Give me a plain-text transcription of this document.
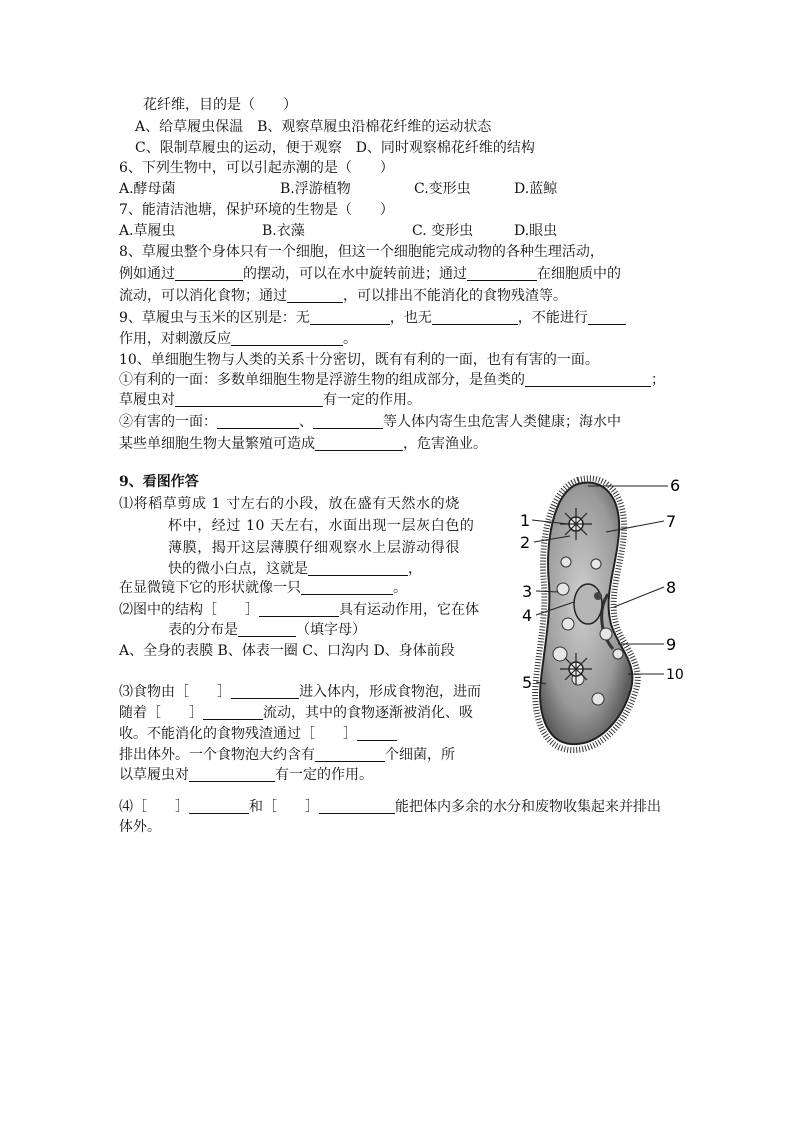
花纤维，目的是（　　）
A、给草履虫保温　B、观察草履虫沿棉花纤维的运动状态
C、限制草履虫的运动，便于观察　D、同时观察棉花纤维的结构
6、下列生物中，可以引起赤潮的是（　　）
A.酵母菌	B.浮游植物	C.变形虫	D.蓝鲸
7、能清洁池塘，保护环境的生物是（　　）
A.草履虫	B.衣藻	C. 变形虫	D.眼虫
8、草履虫整个身体只有一个细胞，但这一个细胞能完成动物的各种生理活动，
例如通过	的摆动，可以在水中旋转前进；通过	在细胞质中的
流动，可以消化食物；通过	，可以排出不能消化的食物残渣等。
9、草履虫与玉米的区别是：无	，也无	，不能进行
作用，对刺激反应	。
10、单细胞生物与人类的关系十分密切，既有有利的一面，也有有害的一面。
①有利的一面：多数单细胞生物是浮游生物的组成部分，是鱼类的	；
草履虫对	有一定的作用。
②有害的一面：	、	等人体内寄生虫危害人类健康；海水中
某些单细胞生物大量繁殖可造成	，危害渔业。
9、看图作答
⑴将稻草剪成 1 寸左右的小段，放在盛有天然水的烧
杯中，经过 10 天左右，水面出现一层灰白色的
薄膜，揭开这层薄膜仔细观察水上层游动得很
快的微小白点，这就是	，
在显微镜下它的形状就像一只	。
⑵图中的结构［　　］	具有运动作用，它在体
表的分布是	（填字母）
A、全身的表膜 B、体表一圈 C、口沟内 D、身体前段
⑶食物由［　　］	进入体内，形成食物泡，进而
随着［　　］	流动，其中的食物逐渐被消化、吸
收。不能消化的食物残渣通过［　　］
排出体外。一个食物泡大约含有	个细菌，所
以草履虫对	有一定的作用。
⑷［　　］	和［　　］	能把体内多余的水分和废物收集起来并排出
体外。
1
2
3
4
5
6
7
8
9
10
